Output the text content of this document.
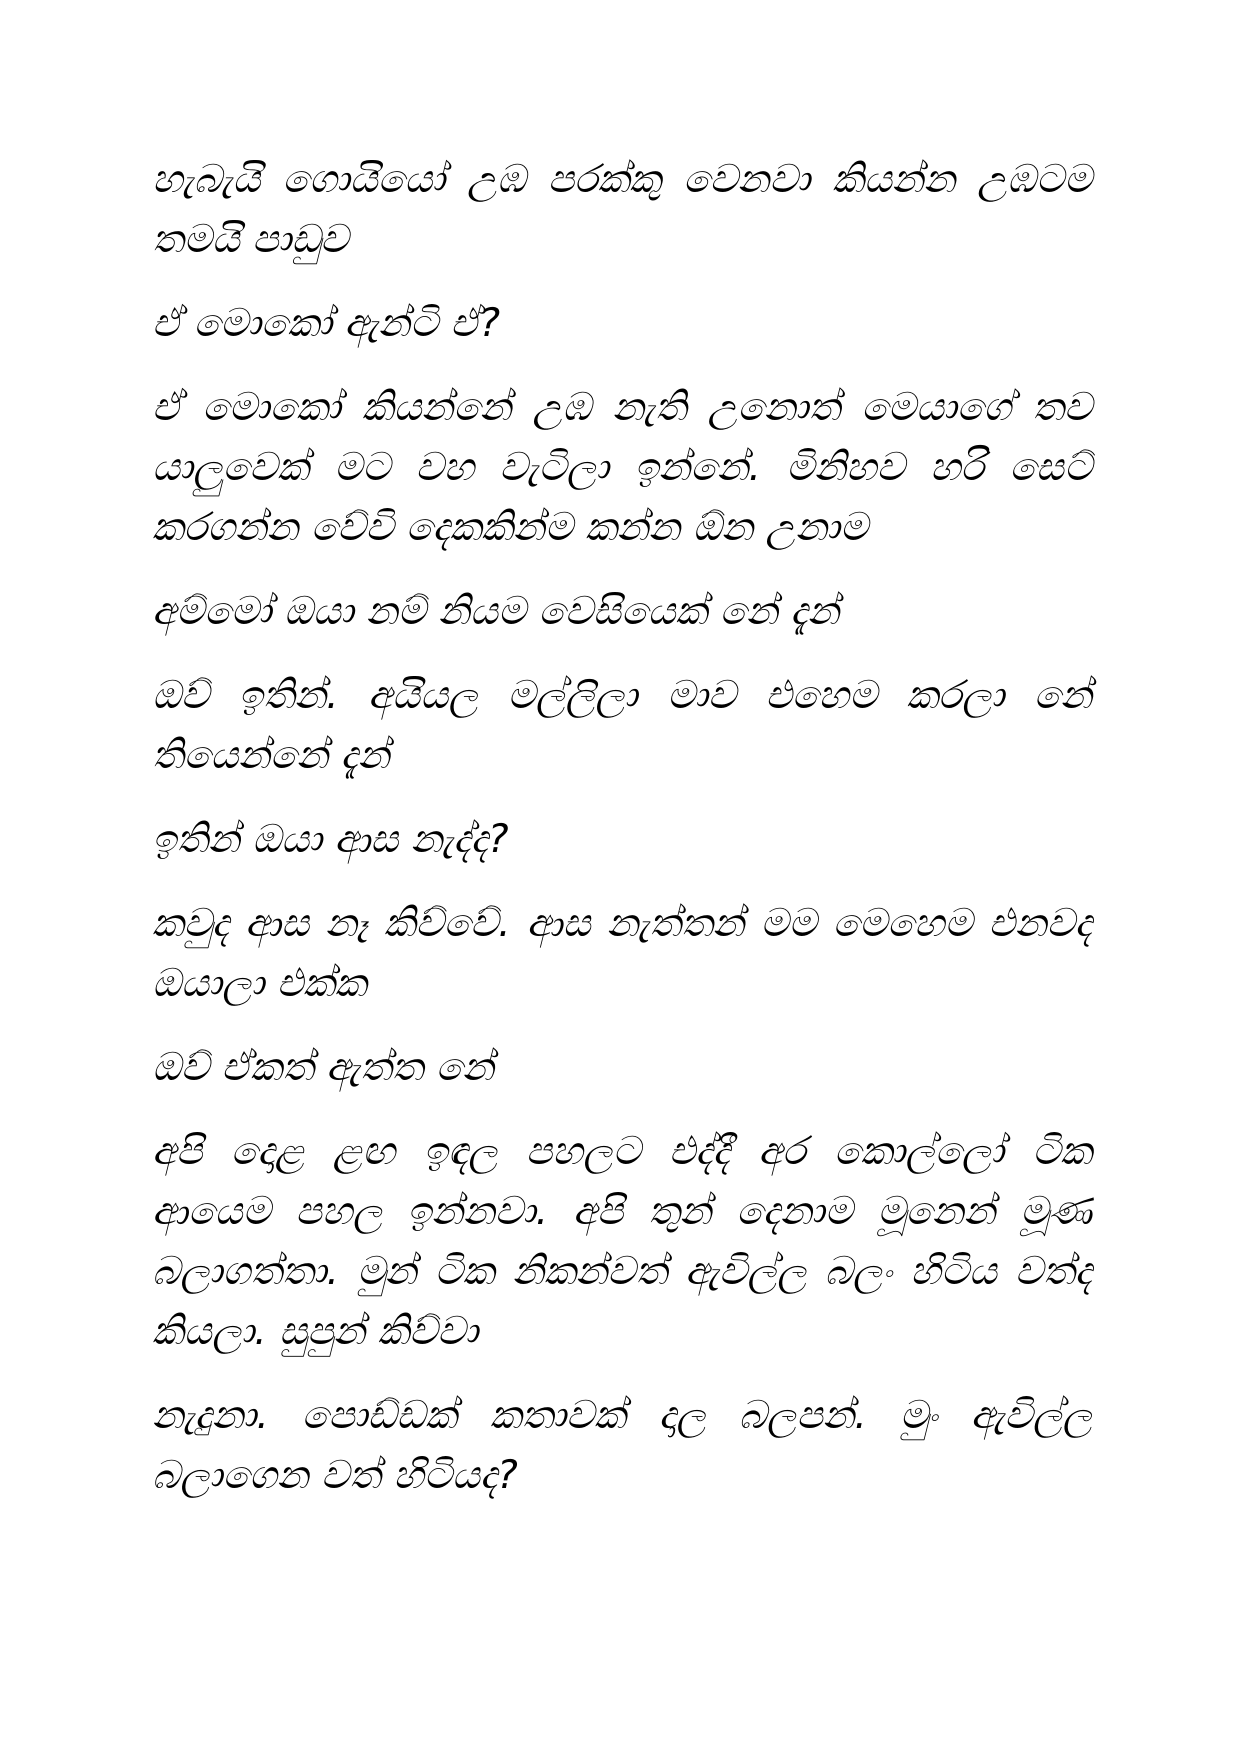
හැබැයි ගොයියෝ උඹ පරක්කු වෙනවා කියන්න උඹටම තමයි පාඩුව

ඒ මොකෝ ඇන්ටි ඒ?

ඒ මොකෝ කියන්නේ උඹ නැති උනොත් මෙයාගේ තව යාලුවෙක් මට වහ වැටිලා ඉන්නේ. මිනිහව හරි සෙට් කරගන්න වේවි දෙකකින්ම කන්න ඕන උනාම

අම්මෝ ඔයා නම් නියම වෙසියෙක් නේ දැන්

ඔව් ඉතින්. අයියල මල්ලිලා මාව එහෙම කරලා නේ තියෙන්නේ දැන්

ඉතින් ඔයා ආස නැද්ද?

කවුද ආස නෑ කිව්වේ. ආස නැත්තන් මම මෙහෙම එනවද ඔයාලා එක්ක

ඔව් ඒකත් ඇත්ත නේ

අපි දොළ ළඟ ඉඳල පහලට එද්දී අර කොල්ලෝ ටික ආයෙම පහල ඉන්නවා. අපි තුන් දෙනාම මූනෙන් මූණ බලාගත්තා. මුන් ටික නිකන්වත් ඇවිල්ල බලං හිටිය වත්ද කියලා. සුපුන් කිව්වා

නැදුනා. පොඩ්ඩක් කතාවක් දාල බලපන්. මුං ඇවිල්ල බලාගෙන වත් හිටියද?
